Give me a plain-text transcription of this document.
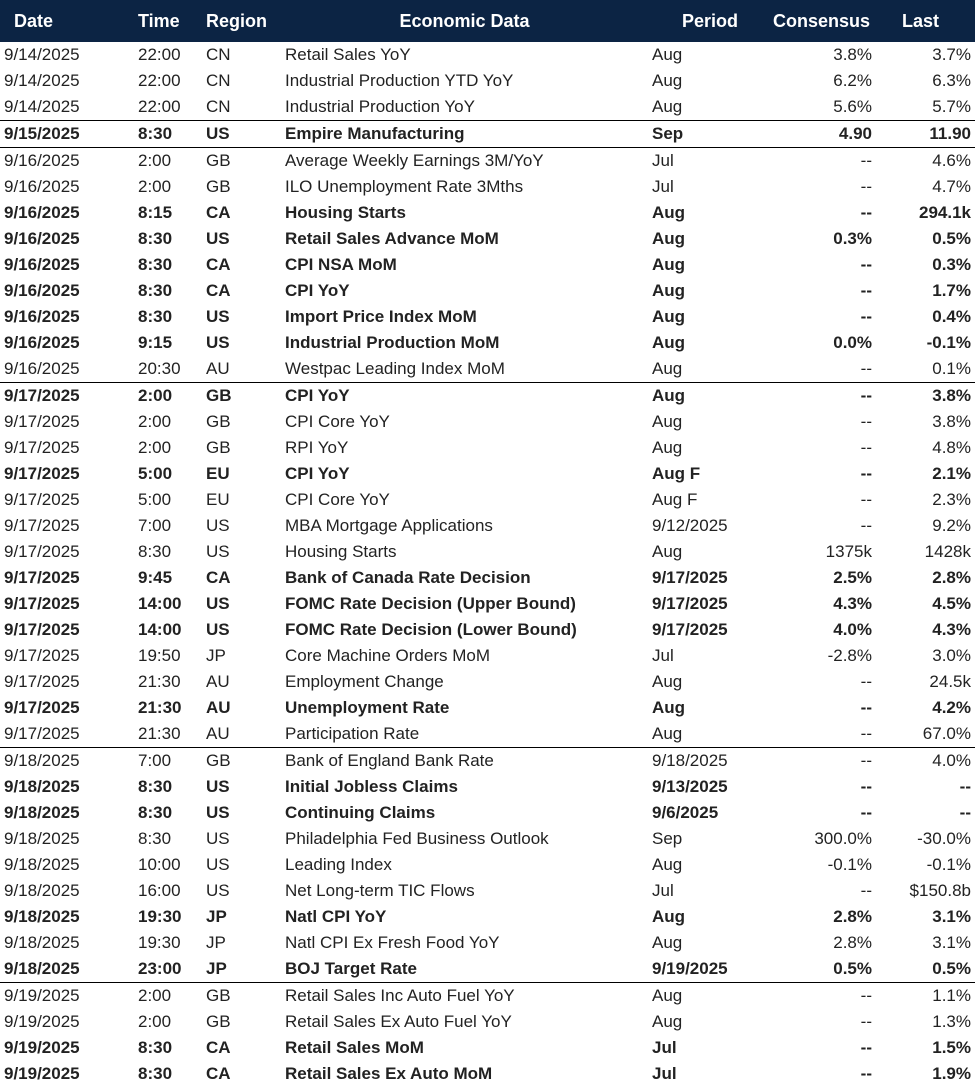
Date	Time	Region	Economic Data	Period	Consensus	Last
9/14/2025	22:00	CN	Retail Sales YoY	Aug	3.8%	3.7%
9/14/2025	22:00	CN	Industrial Production YTD YoY	Aug	6.2%	6.3%
9/14/2025	22:00	CN	Industrial Production YoY	Aug	5.6%	5.7%
9/15/2025	8:30	US	Empire Manufacturing	Sep	4.90	11.90
9/16/2025	2:00	GB	Average Weekly Earnings 3M/YoY	Jul	--	4.6%
9/16/2025	2:00	GB	ILO Unemployment Rate 3Mths	Jul	--	4.7%
9/16/2025	8:15	CA	Housing Starts	Aug	--	294.1k
9/16/2025	8:30	US	Retail Sales Advance MoM	Aug	0.3%	0.5%
9/16/2025	8:30	CA	CPI NSA MoM	Aug	--	0.3%
9/16/2025	8:30	CA	CPI YoY	Aug	--	1.7%
9/16/2025	8:30	US	Import Price Index MoM	Aug	--	0.4%
9/16/2025	9:15	US	Industrial Production MoM	Aug	0.0%	-0.1%
9/16/2025	20:30	AU	Westpac Leading Index MoM	Aug	--	0.1%
9/17/2025	2:00	GB	CPI YoY	Aug	--	3.8%
9/17/2025	2:00	GB	CPI Core YoY	Aug	--	3.8%
9/17/2025	2:00	GB	RPI YoY	Aug	--	4.8%
9/17/2025	5:00	EU	CPI YoY	Aug F	--	2.1%
9/17/2025	5:00	EU	CPI Core YoY	Aug F	--	2.3%
9/17/2025	7:00	US	MBA Mortgage Applications	9/12/2025	--	9.2%
9/17/2025	8:30	US	Housing Starts	Aug	1375k	1428k
9/17/2025	9:45	CA	Bank of Canada Rate Decision	9/17/2025	2.5%	2.8%
9/17/2025	14:00	US	FOMC Rate Decision (Upper Bound)	9/17/2025	4.3%	4.5%
9/17/2025	14:00	US	FOMC Rate Decision (Lower Bound)	9/17/2025	4.0%	4.3%
9/17/2025	19:50	JP	Core Machine Orders MoM	Jul	-2.8%	3.0%
9/17/2025	21:30	AU	Employment Change	Aug	--	24.5k
9/17/2025	21:30	AU	Unemployment Rate	Aug	--	4.2%
9/17/2025	21:30	AU	Participation Rate	Aug	--	67.0%
9/18/2025	7:00	GB	Bank of England Bank Rate	9/18/2025	--	4.0%
9/18/2025	8:30	US	Initial Jobless Claims	9/13/2025	--	--
9/18/2025	8:30	US	Continuing Claims	9/6/2025	--	--
9/18/2025	8:30	US	Philadelphia Fed Business Outlook	Sep	300.0%	-30.0%
9/18/2025	10:00	US	Leading Index	Aug	-0.1%	-0.1%
9/18/2025	16:00	US	Net Long-term TIC Flows	Jul	--	$150.8b
9/18/2025	19:30	JP	Natl CPI YoY	Aug	2.8%	3.1%
9/18/2025	19:30	JP	Natl CPI Ex Fresh Food YoY	Aug	2.8%	3.1%
9/18/2025	23:00	JP	BOJ Target Rate	9/19/2025	0.5%	0.5%
9/19/2025	2:00	GB	Retail Sales Inc Auto Fuel YoY	Aug	--	1.1%
9/19/2025	2:00	GB	Retail Sales Ex Auto Fuel YoY	Aug	--	1.3%
9/19/2025	8:30	CA	Retail Sales MoM	Jul	--	1.5%
9/19/2025	8:30	CA	Retail Sales Ex Auto MoM	Jul	--	1.9%
